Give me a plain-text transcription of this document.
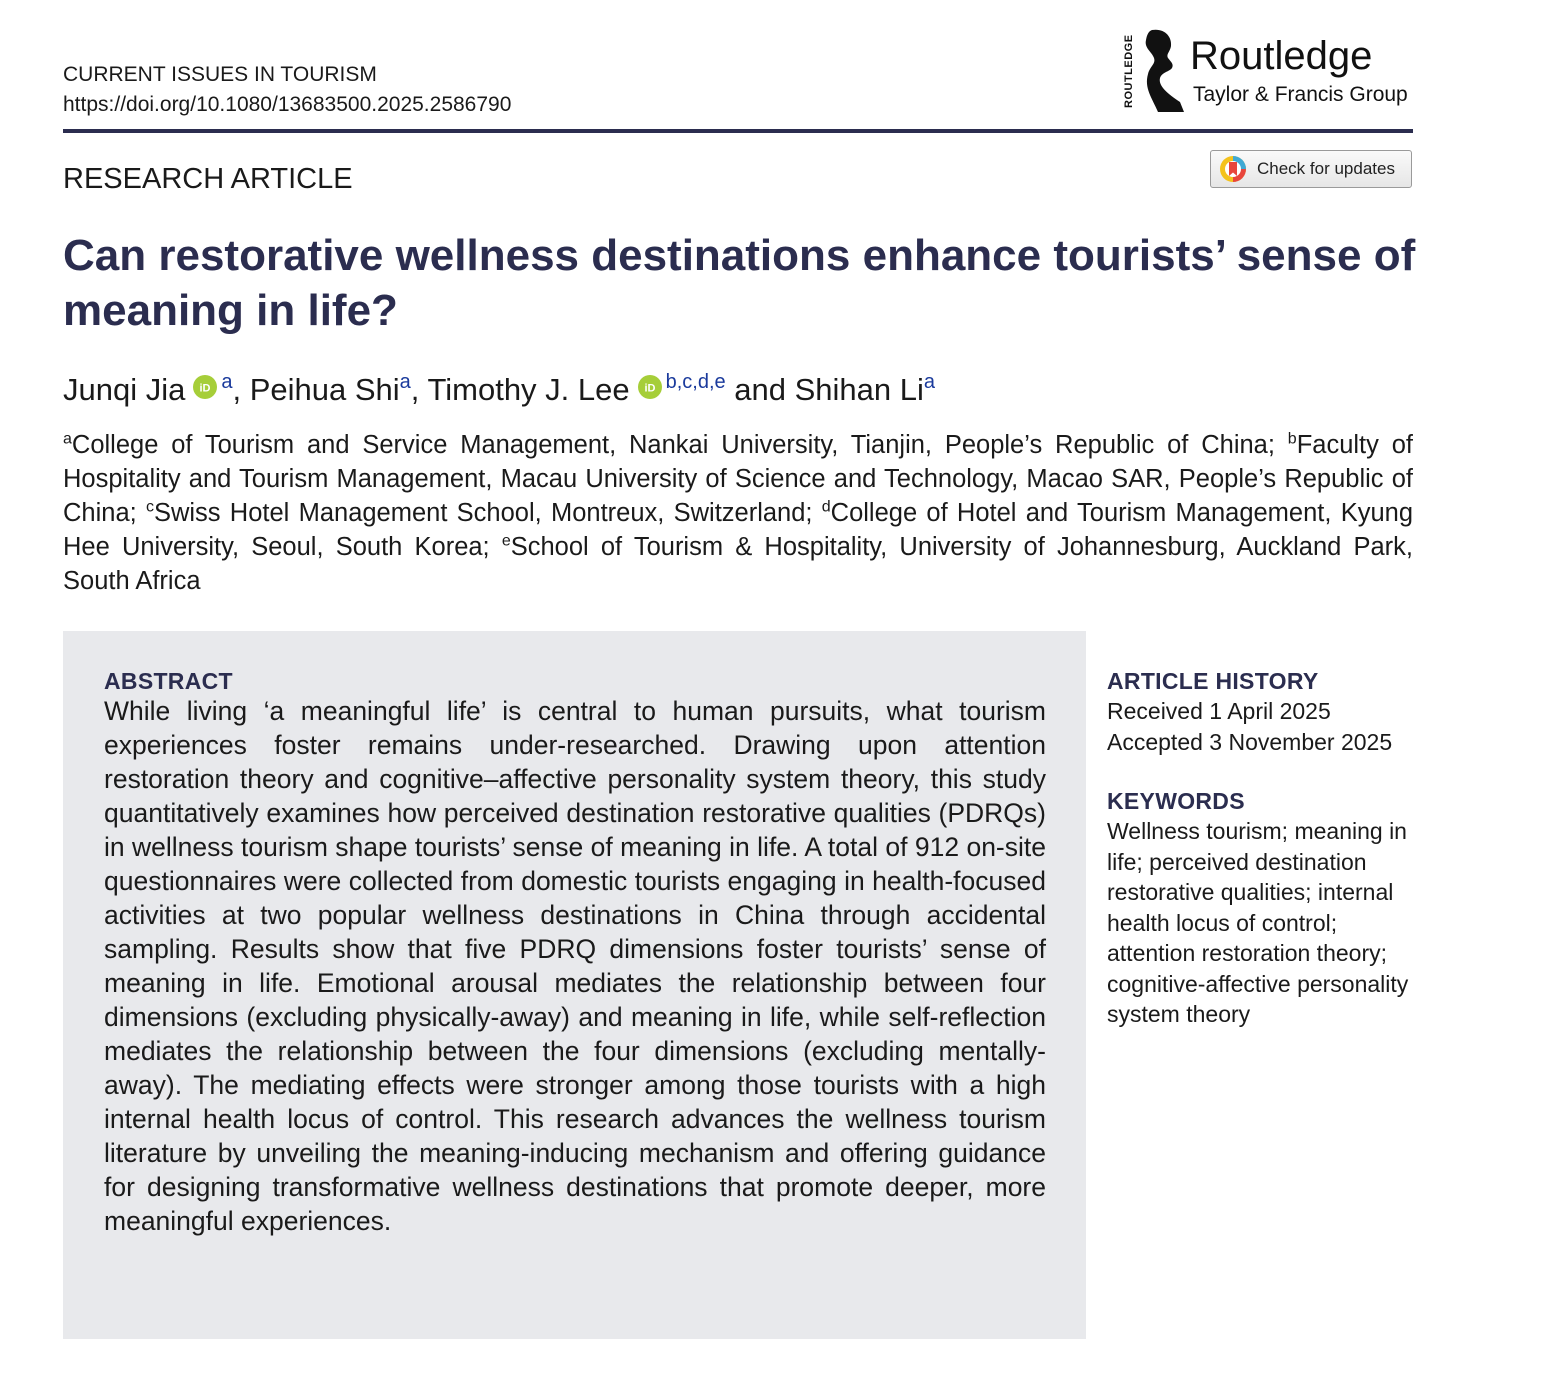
CURRENT ISSUES IN TOURISM
https://doi.org/10.1080/13683500.2025.2586790	ROUTLEDGE Routledge
Taylor & Francis Group
RESEARCH ARTICLE	Check for updates
Can restorative wellness destinations enhance tourists’ sense of meaning in life?
Junqi Jia iD $^a$, Peihua Shi$^a$, Timothy J. Lee iD $^{b,c,d,e}$ and Shihan Li$^a$
$^a$College of Tourism and Service Management, Nankai University, Tianjin, People’s Republic of China; $^b$Faculty of Hospitality and Tourism Management, Macau University of Science and Technology, Macao SAR, People’s Republic of China; $^c$Swiss Hotel Management School, Montreux, Switzerland; $^d$College of Hotel and Tourism Management, Kyung Hee University, Seoul, South Korea; $^e$School of Tourism & Hospitality, University of Johannesburg, Auckland Park, South Africa
ABSTRACT

While living ‘a meaningful life’ is central to human pursuits, what tourism experiences foster remains under-researched. Drawing upon attention restoration theory and cognitive–affective personality system theory, this study quantitatively examines how perceived destination restorative qualities (PDRQs) in wellness tourism shape tourists’ sense of meaning in life. A total of 912 on-site questionnaires were collected from domestic tourists engaging in health-focused activities at two popular wellness destinations in China through accidental sampling. Results show that five PDRQ dimensions foster tourists’ sense of meaning in life. Emotional arousal mediates the relationship between four dimensions (excluding physically-away) and meaning in life, while self-reflection mediates the relationship between the four dimensions (excluding mentally-away). The mediating effects were stronger among those tourists with a high internal health locus of control. This research advances the wellness tourism literature by unveiling the meaning-inducing mechanism and offering guidance for designing transformative wellness destinations that promote deeper, more meaningful experiences.

ARTICLE HISTORY
Received 1 April 2025
Accepted 3 November 2025
KEYWORDS
Wellness tourism; meaning in life; perceived destination restorative qualities; internal health locus of control; attention restoration theory; cognitive-affective personality system theory
